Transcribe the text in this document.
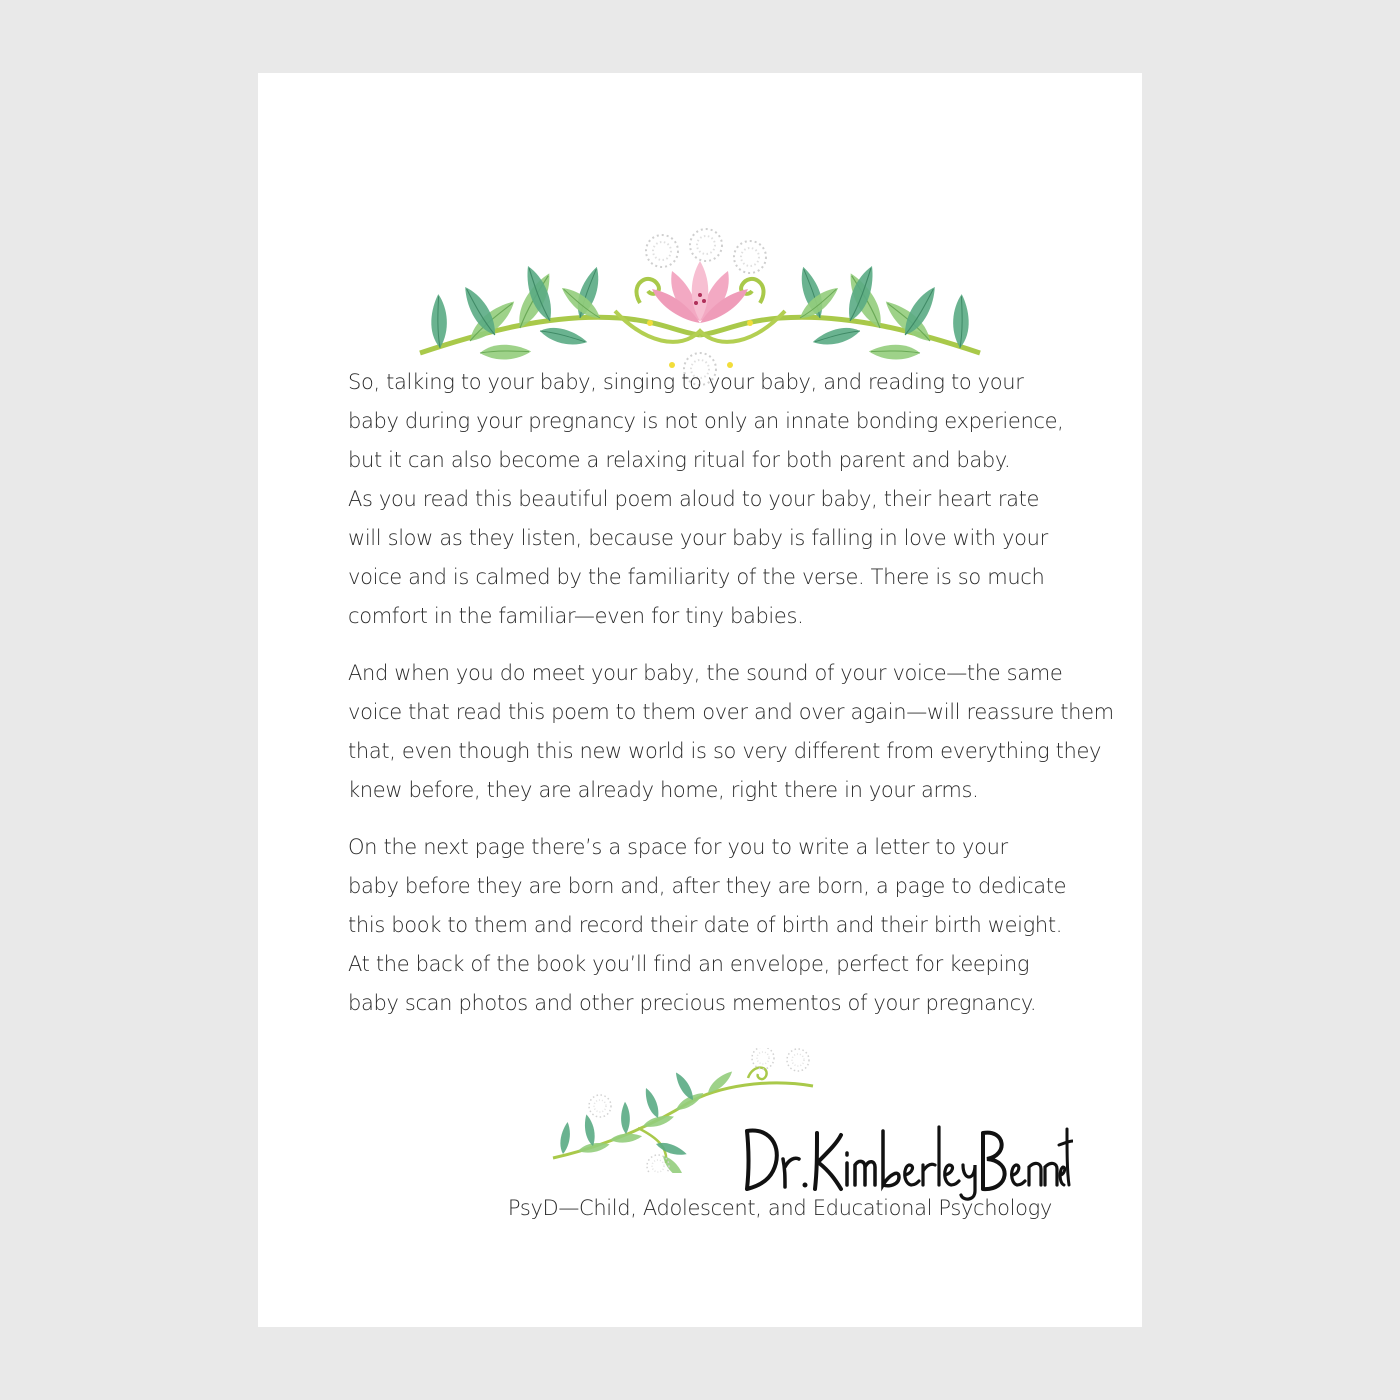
So, talking to your baby, singing to your baby, and reading to your
baby during your pregnancy is not only an innate bonding experience,
but it can also become a relaxing ritual for both parent and baby.
As you read this beautiful poem aloud to your baby, their heart rate
will slow as they listen, because your baby is falling in love with your
voice and is calmed by the familiarity of the verse. There is so much
comfort in the familiar—even for tiny babies.

And when you do meet your baby, the sound of your voice—the same
voice that read this poem to them over and over again—will reassure them
that, even though this new world is so very different from everything they
knew before, they are already home, right there in your arms.

On the next page there’s a space for you to write a letter to your
baby before they are born and, after they are born, a page to dedicate
this book to them and record their date of birth and their birth weight.
At the back of the book you’ll find an envelope, perfect for keeping
baby scan photos and other precious mementos of your pregnancy.

PsyD—Child, Adolescent, and Educational Psychology
